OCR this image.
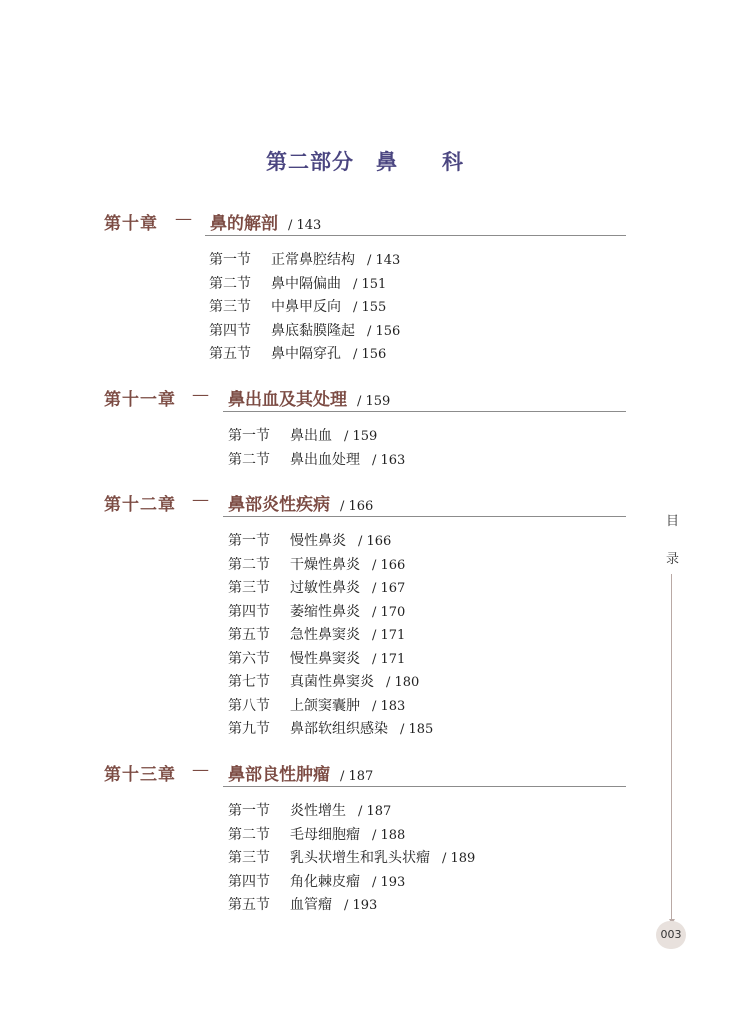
第二部分　鼻　　科
第十章 — 鼻的解剖 / 143
第一节 正常鼻腔结构 / 143
第二节 鼻中隔偏曲 / 151
第三节 中鼻甲反向 / 155
第四节 鼻底黏膜隆起 / 156
第五节 鼻中隔穿孔 / 156
第十一章 — 鼻出血及其处理 / 159
第一节 鼻出血 / 159
第二节 鼻出血处理 / 163
第十二章 — 鼻部炎性疾病 / 166
第一节 慢性鼻炎 / 166
第二节 干燥性鼻炎 / 166
第三节 过敏性鼻炎 / 167
第四节 萎缩性鼻炎 / 170
第五节 急性鼻窦炎 / 171
第六节 慢性鼻窦炎 / 171
第七节 真菌性鼻窦炎 / 180
第八节 上颌窦囊肿 / 183
第九节 鼻部软组织感染 / 185
第十三章 — 鼻部良性肿瘤 / 187
第一节 炎性增生 / 187
第二节 毛母细胞瘤 / 188
第三节 乳头状增生和乳头状瘤 / 189
第四节 角化棘皮瘤 / 193
第五节 血管瘤 / 193
目
录
003
